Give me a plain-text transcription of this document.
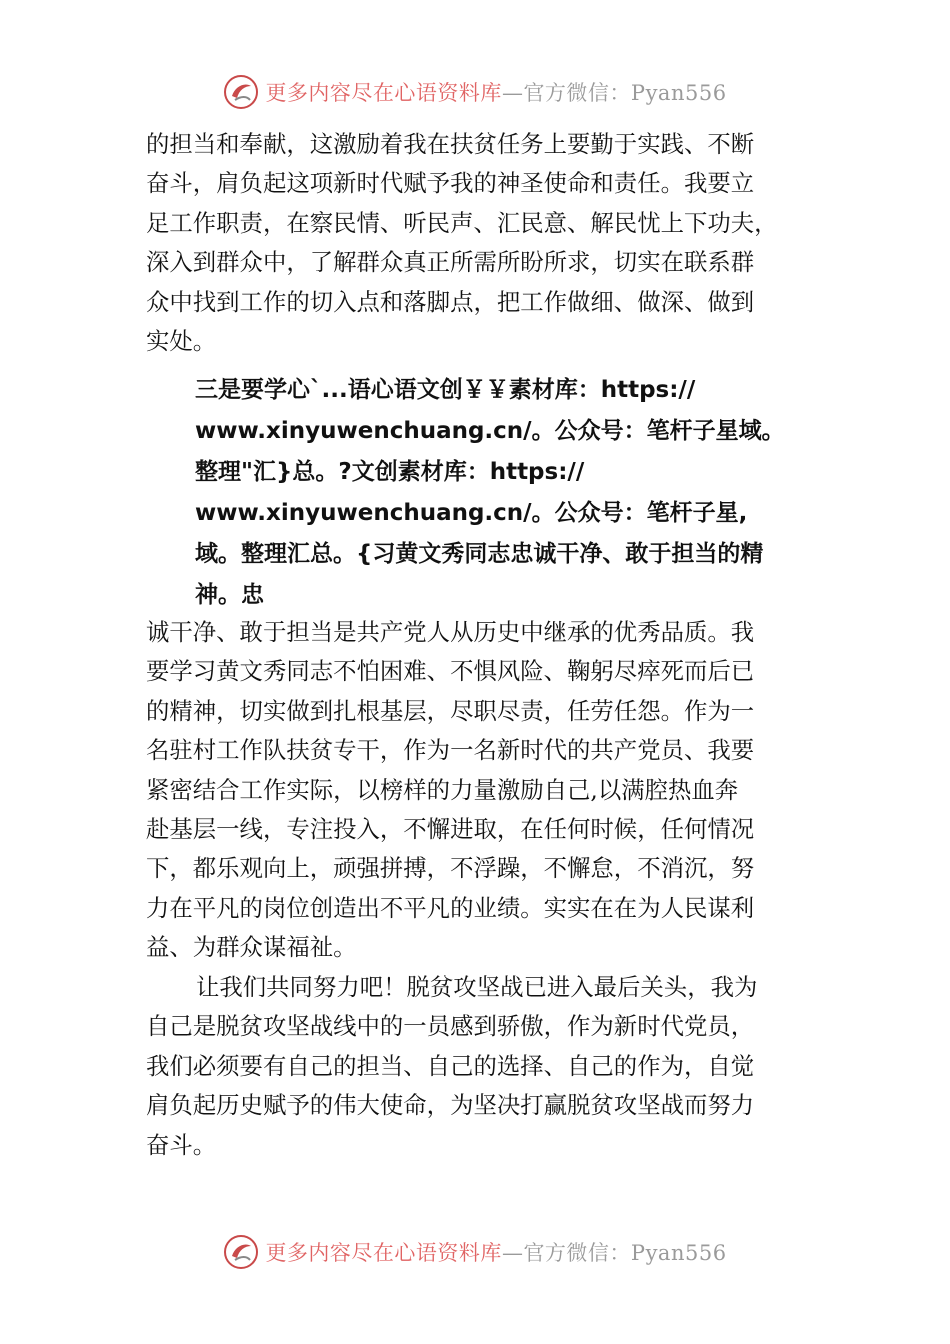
更多内容尽在心语资料库—官方微信：Pyan556
的担当和奉献，这激励着我在扶贫任务上要勤于实践、不断
奋斗，肩负起这项新时代赋予我的神圣使命和责任。我要立
足工作职责，在察民情、听民声、汇民意、解民忧上下功夫，
深入到群众中，了解群众真正所需所盼所求，切实在联系群
众中找到工作的切入点和落脚点，把工作做细、做深、做到
实处。
三是要学心`...语心语文创￥￥素材库：https://
www.xinyuwenchuang.cn/。公众号：笔杆子星域。
整理"汇}总。?文创素材库：https://
www.xinyuwenchuang.cn/。公众号：笔杆子星,
域。整理汇总。{习黄文秀同志忠诚干净、敢于担当的精
神。忠
诚干净、敢于担当是共产党人从历史中继承的优秀品质。我
要学习黄文秀同志不怕困难、不惧风险、鞠躬尽瘁死而后已
的精神，切实做到扎根基层，尽职尽责，任劳任怨。作为一
名驻村工作队扶贫专干，作为一名新时代的共产党员、我要
紧密结合工作实际，以榜样的力量激励自己,以满腔热血奔
赴基层一线，专注投入，不懈进取，在任何时候，任何情况
下，都乐观向上，顽强拼搏，不浮躁，不懈怠，不消沉，努
力在平凡的岗位创造出不平凡的业绩。实实在在为人民谋利
益、为群众谋福祉。
让我们共同努力吧！脱贫攻坚战已进入最后关头，我为
自己是脱贫攻坚战线中的一员感到骄傲，作为新时代党员，
我们必须要有自己的担当、自己的选择、自己的作为，自觉
肩负起历史赋予的伟大使命，为坚决打赢脱贫攻坚战而努力
奋斗。
更多内容尽在心语资料库—官方微信：Pyan556
